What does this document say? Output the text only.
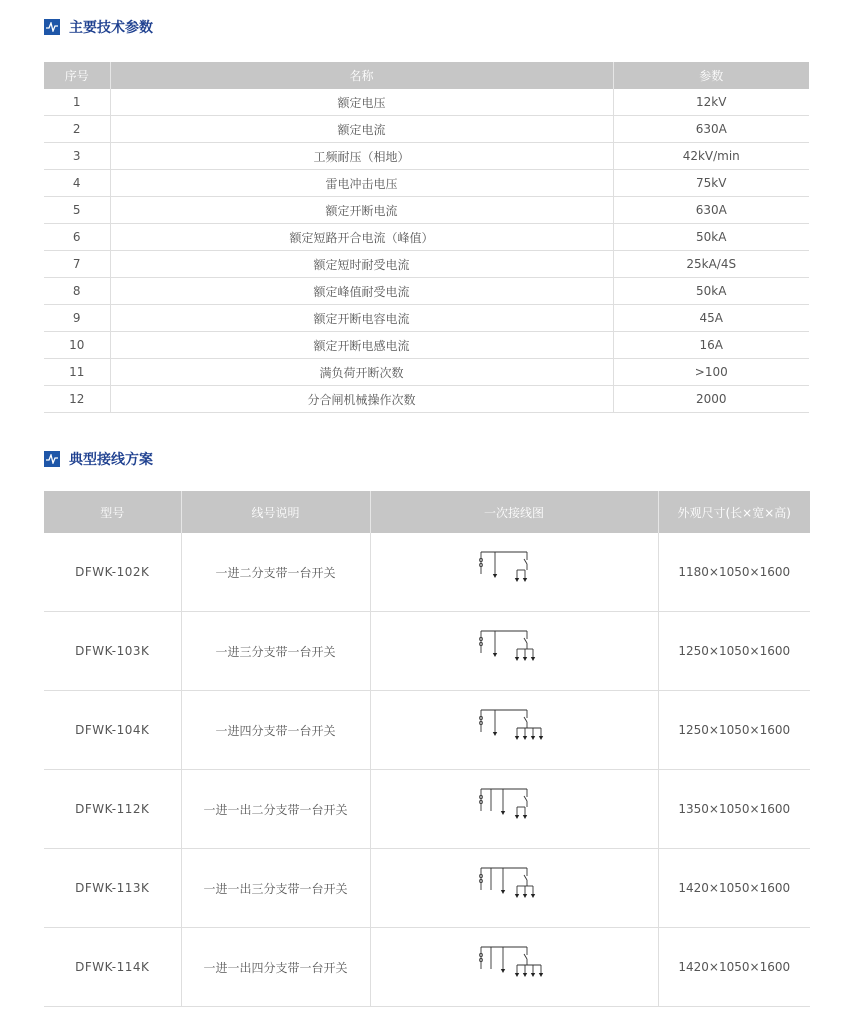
主要技术参数
序号	名称	参数
1	额定电压	12kV
2	额定电流	630A
3	工频耐压（相地）	42kV/min
4	雷电冲击电压	75kV
5	额定开断电流	630A
6	额定短路开合电流（峰值）	50kA
7	额定短时耐受电流	25kA/4S
8	额定峰值耐受电流	50kA
9	额定开断电容电流	45A
10	额定开断电感电流	16A
11	满负荷开断次数	>100
12	分合闸机械操作次数	2000
典型接线方案
型号	线号说明	一次接线图	外观尺寸(长×宽×高)
DFWK-102K	一进二分支带一台开关		1180×1050×1600
DFWK-103K	一进三分支带一台开关		1250×1050×1600
DFWK-104K	一进四分支带一台开关		1250×1050×1600
DFWK-112K	一进一出二分支带一台开关		1350×1050×1600
DFWK-113K	一进一出三分支带一台开关		1420×1050×1600
DFWK-114K	一进一出四分支带一台开关		1420×1050×1600
